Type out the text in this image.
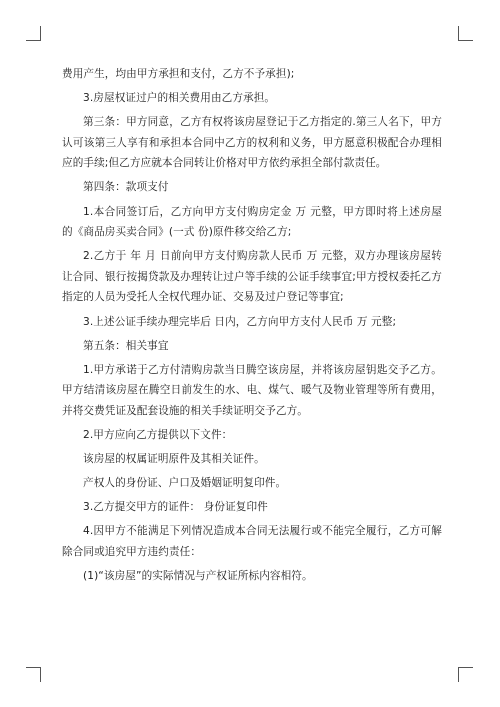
费用产生，均由甲方承担和支付，乙方不予承担);

3.房屋权证过户的相关费用由乙方承担。

第三条：甲方同意，乙方有权将该房屋登记于乙方指定的.第三人名下，甲方认可该第三人享有和承担本合同中乙方的权利和义务，甲方愿意积极配合办理相应的手续;但乙方应就本合同转让价格对甲方依约承担全部付款责任。

第四条：款项支付

1.本合同签订后，乙方向甲方支付购房定金 万 元整，甲方即时将上述房屋的《商品房买卖合同》(一式 份)原件移交给乙方;

2.乙方于 年 月 日前向甲方支付购房款人民币 万 元整，双方办理该房屋转让合同、银行按揭贷款及办理转让过户等手续的公证手续事宜;甲方授权委托乙方指定的人员为受托人全权代理办证、交易及过户登记等事宜;

3.上述公证手续办理完毕后 日内，乙方向甲方支付人民币 万 元整;

第五条：相关事宜

1.甲方承诺于乙方付清购房款当日腾空该房屋，并将该房屋钥匙交予乙方。 甲方结清该房屋在腾空日前发生的水、电、煤气、暖气及物业管理等所有费用，并将交费凭证及配套设施的相关手续证明交予乙方。

2.甲方应向乙方提供以下文件：

该房屋的权属证明原件及其相关证件。

产权人的身份证、户口及婚姻证明复印件。

3.乙方提交甲方的证件： 身份证复印件

4.因甲方不能满足下列情况造成本合同无法履行或不能完全履行，乙方可解除合同或追究甲方违约责任：

(1)“该房屋”的实际情况与产权证所标内容相符。
